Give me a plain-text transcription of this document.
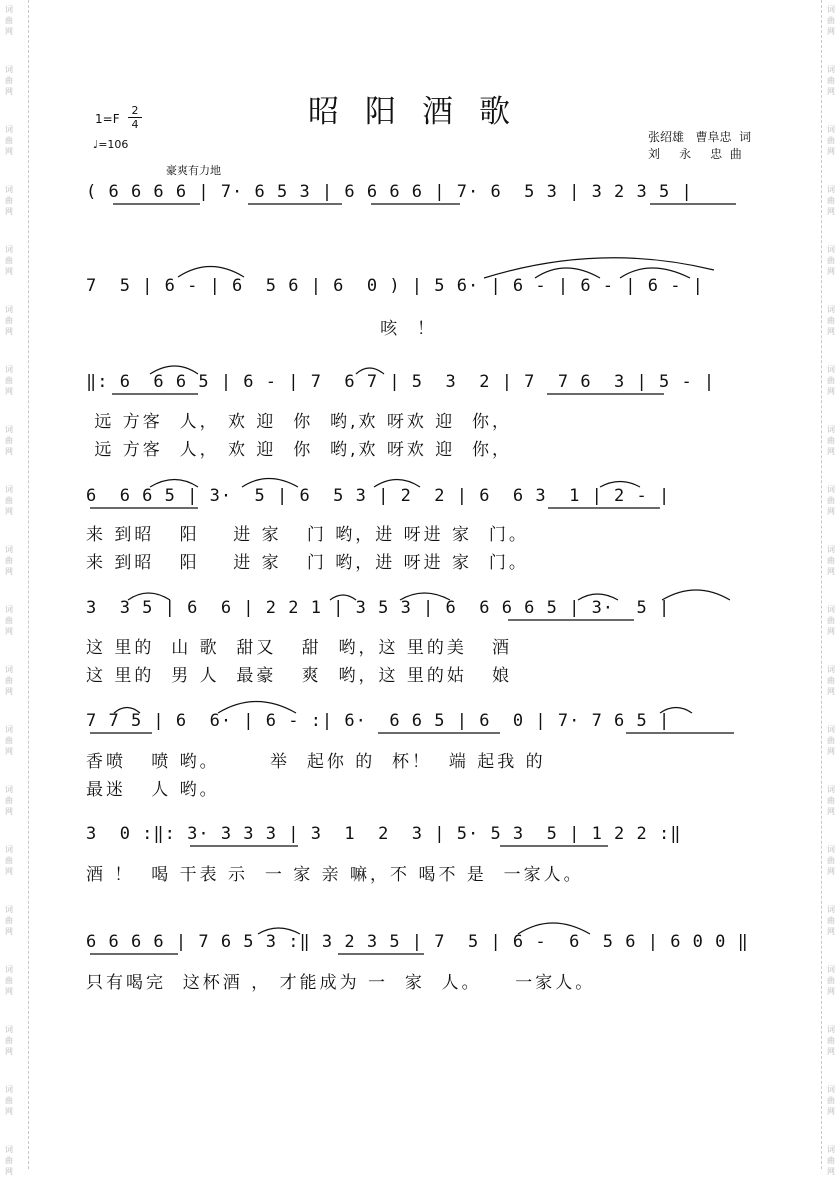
词曲网
词曲网
词曲网
词曲网
词曲网
词曲网
词曲网
词曲网
词曲网
词曲网
词曲网
词曲网
词曲网
词曲网
词曲网
词曲网
词曲网
词曲网
词曲网
词曲网
词曲网
词曲网
词曲网
词曲网
词曲网
词曲网
词曲网
词曲网
词曲网
词曲网
词曲网
词曲网
词曲网
词曲网
词曲网
词曲网
词曲网
词曲网
词曲网
词曲网
昭阳酒歌
1=F
2
4
♩=106
张绍雄   曹阜忠  词
刘     永     忠  曲
豪爽有力地
( 6 6 6 6 | 7· 6 5 3 | 6 6 6 6 | 7· 6  5 3 | 3 2 3 5 |
7  5 | 6 - | 6  5 6 | 6  0 ) | 5 6· | 6 - | 6 - | 6 - |
咳  ！
‖: 6  6 6 5 | 6 - | 7  6 7 | 5  3  2 | 7  7 6  3 | 5 - |
远 方客  人， 欢 迎  你  哟,欢 呀欢 迎  你，
远 方客  人， 欢 迎  你  哟,欢 呀欢 迎  你，
6  6 6 5 | 3·  5 | 6  5 3 | 2  2 | 6  6 3  1 | 2 - |
来 到昭   阳    进 家   门 哟，进 呀进 家  门。
来 到昭   阳    进 家   门 哟，进 呀进 家  门。
3  3 5 | 6  6 | 2 2 1 | 3 5 3 | 6  6 6 6 5 | 3·  5 |
这 里的  山 歌  甜又   甜  哟，这 里的美   酒
这 里的  男 人  最豪   爽  哟，这 里的姑   娘
7 7 5 | 6  6· | 6 - :| 6·  6 6 5 | 6  0 | 7· 7 6 5 |
香喷   喷 哟。      举  起你 的  杯！  端 起我 的
最迷   人 哟。
3  0 :‖: 3· 3 3 3 | 3  1  2  3 | 5· 5 3  5 | 1 2 2 :‖
酒 ！  喝 干表 示  一 家 亲 嘛，不 喝不 是  一家人。
6 6 6 6 | 7 6 5 3 :‖ 3 2 3 5 | 7  5 | 6 -  6  5 6 | 6 0 0 ‖
只有喝完  这杯酒 ， 才能成为 一  家  人。    一家人。
